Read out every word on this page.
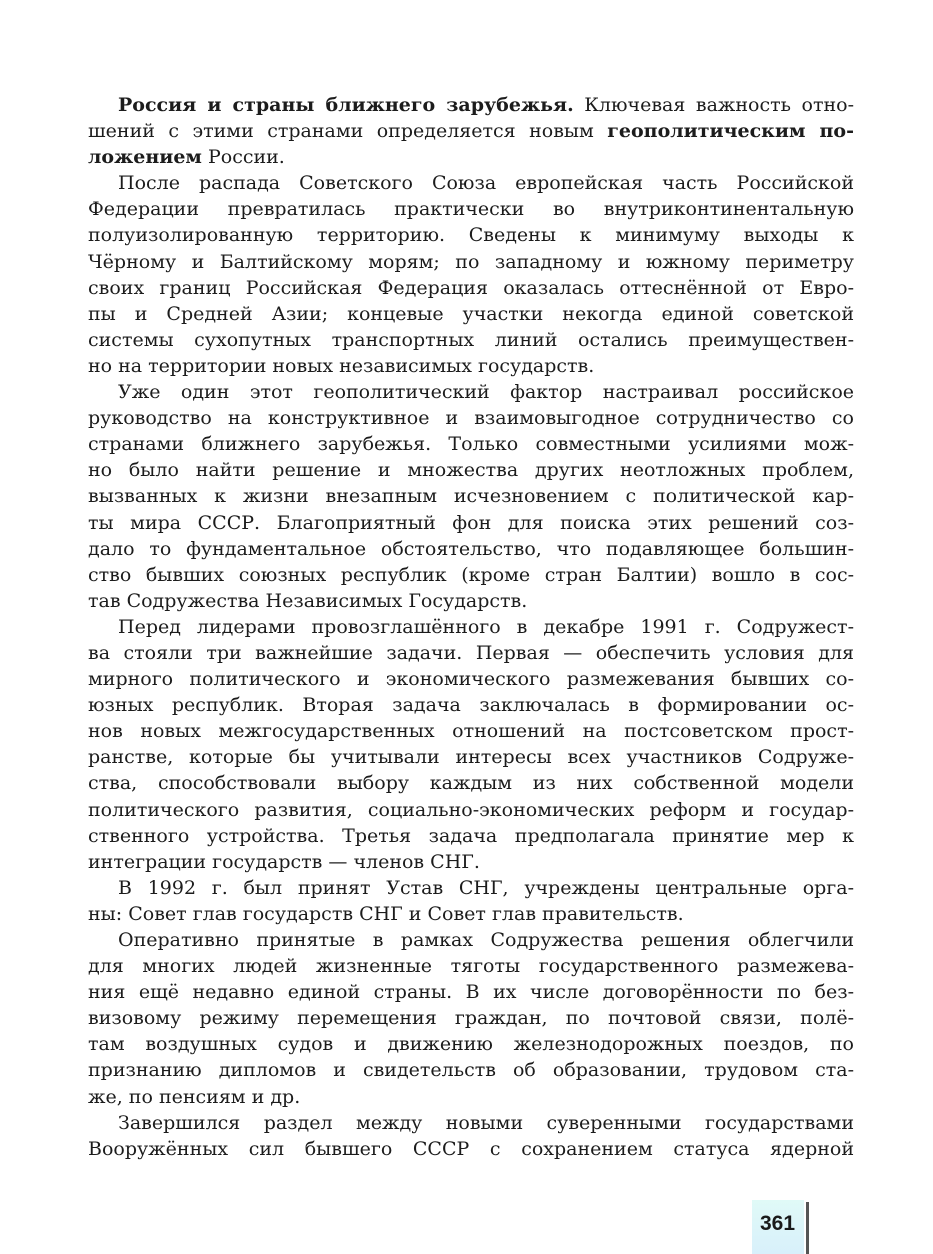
Россия и страны ближнего зарубежья. Ключевая важность отно-
шений с этими странами определяется новым геополитическим по-
ложением России.
После распада Советского Союза европейская часть Российской
Федерации превратилась практически во внутриконтинентальную
полуизолированную территорию. Сведены к минимуму выходы к
Чёрному и Балтийскому морям; по западному и южному периметру
своих границ Российская Федерация оказалась оттеснённой от Евро-
пы и Средней Азии; концевые участки некогда единой советской
системы сухопутных транспортных линий остались преимуществен-
но на территории новых независимых государств.
Уже один этот геополитический фактор настраивал российское
руководство на конструктивное и взаимовыгодное сотрудничество со
странами ближнего зарубежья. Только совместными усилиями мож-
но было найти решение и множества других неотложных проблем,
вызванных к жизни внезапным исчезновением с политической кар-
ты мира СССР. Благоприятный фон для поиска этих решений соз-
дало то фундаментальное обстоятельство, что подавляющее большин-
ство бывших союзных республик (кроме стран Балтии) вошло в сос-
тав Содружества Независимых Государств.
Перед лидерами провозглашённого в декабре 1991 г. Содружест-
ва стояли три важнейшие задачи. Первая — обеспечить условия для
мирного политического и экономического размежевания бывших со-
юзных республик. Вторая задача заключалась в формировании ос-
нов новых межгосударственных отношений на постсоветском прост-
ранстве, которые бы учитывали интересы всех участников Содруже-
ства, способствовали выбору каждым из них собственной модели
политического развития, социально-экономических реформ и государ-
ственного устройства. Третья задача предполагала принятие мер к
интеграции государств — членов СНГ.
В 1992 г. был принят Устав СНГ, учреждены центральные орга-
ны: Совет глав государств СНГ и Совет глав правительств.
Оперативно принятые в рамках Содружества решения облегчили
для многих людей жизненные тяготы государственного размежева-
ния ещё недавно единой страны. В их числе договорённости по без-
визовому режиму перемещения граждан, по почтовой связи, полё-
там воздушных судов и движению железнодорожных поездов, по
признанию дипломов и свидетельств об образовании, трудовом ста-
же, по пенсиям и др.
Завершился раздел между новыми суверенными государствами
Вооружённых сил бывшего СССР с сохранением статуса ядерной
361
